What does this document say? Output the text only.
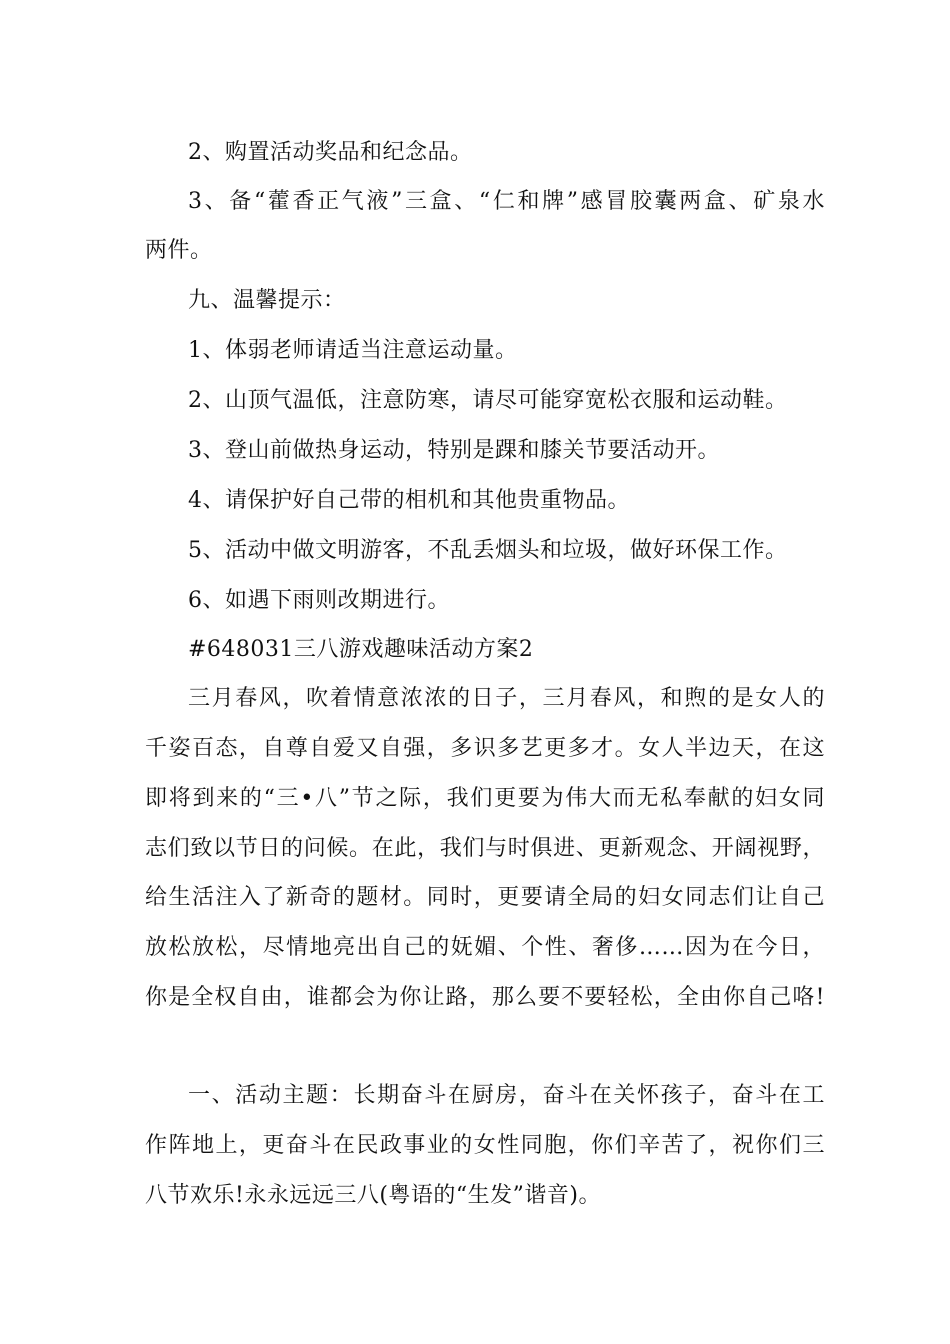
2、购置活动奖品和纪念品。
3、备“藿香正气液”三盒、“仁和牌”感冒胶囊两盒、矿泉水
两件。
九、温馨提示：
1、体弱老师请适当注意运动量。
2、山顶气温低，注意防寒，请尽可能穿宽松衣服和运动鞋。
3、登山前做热身运动，特别是踝和膝关节要活动开。
4、请保护好自己带的相机和其他贵重物品。
5、活动中做文明游客，不乱丢烟头和垃圾，做好环保工作。
6、如遇下雨则改期进行。
#648031三八游戏趣味活动方案2
三月春风，吹着情意浓浓的日子，三月春风，和煦的是女人的
千姿百态，自尊自爱又自强，多识多艺更多才。女人半边天，在这
即将到来的“三•八”节之际，我们更要为伟大而无私奉献的妇女同
志们致以节日的问候。在此，我们与时俱进、更新观念、开阔视野，
给生活注入了新奇的题材。同时，更要请全局的妇女同志们让自己
放松放松，尽情地亮出自己的妩媚、个性、奢侈……因为在今日，
你是全权自由，谁都会为你让路，那么要不要轻松，全由你自己咯!
一、活动主题：长期奋斗在厨房，奋斗在关怀孩子，奋斗在工
作阵地上，更奋斗在民政事业的女性同胞，你们辛苦了，祝你们三
八节欢乐!永永远远三八(粤语的“生发”谐音)。
